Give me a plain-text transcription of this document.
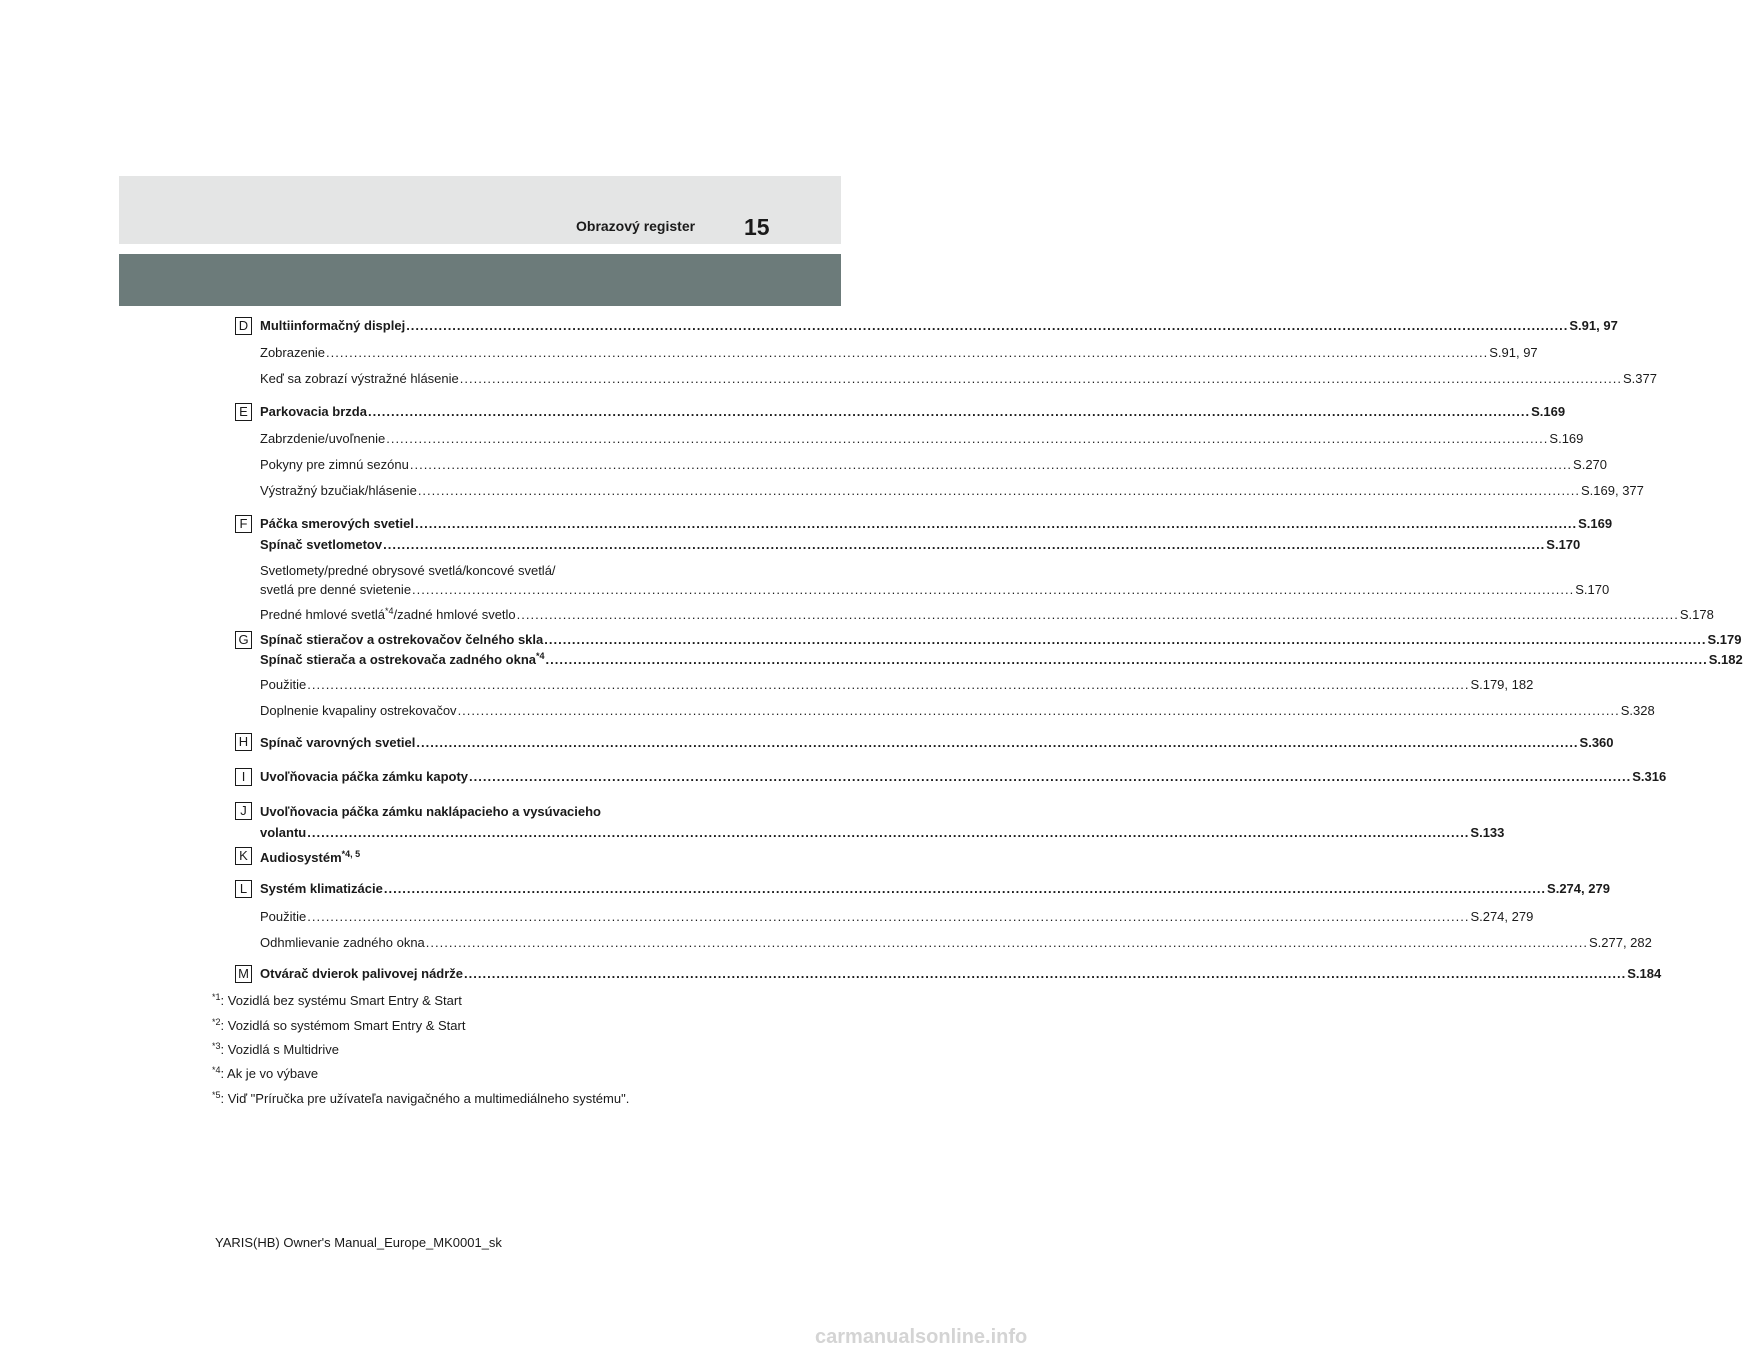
Obrazový register 15
D Multiinformačný displej .....	S.91, 97
Zobrazenie .....	S.91, 97
Keď sa zobrazí výstražné hlásenie .....	S.377
E Parkovacia brzda .....	S.169
Zabrzdenie/uvoľnenie .....	S.169
Pokyny pre zimnú sezónu .....	S.270
Výstražný bzučiak/hlásenie .....	S.169, 377
F Páčka smerových svetiel .....	S.169
Spínač svetlometov .....	S.170
Svetlomety/predné obrysové svetlá/koncové svetlá/
svetlá pre denné svietenie .....	S.170
Predné hmlové svetlá$^{*4}$/zadné hmlové svetlo .....	S.178
G Spínač stieračov a ostrekovačov čelného skla .....	S.179
Spínač stierača a ostrekovača zadného okna$^{*4}$ .....	S.182
Použitie .....	S.179, 182
Doplnenie kvapaliny ostrekovačov .....	S.328
H Spínač varovných svetiel .....	S.360
I	Uvoľňovacia páčka zámku kapoty .....	S.316
J	Uvoľňovacia páčka zámku naklápacieho a vysúvacieho
volantu .....	S.133
K Audiosystém$^{*4, 5}$
L Systém klimatizácie .....	S.274, 279
Použitie .....	S.274, 279
Odhmlievanie zadného okna .....	S.277, 282
M Otvárač dvierok palivovej nádrže .....	S.184
$^{*1}$: Vozidlá bez systému Smart Entry & Start
$^{*2}$: Vozidlá so systémom Smart Entry & Start
$^{*3}$: Vozidlá s Multidrive
$^{*4}$: Ak je vo výbave
$^{*5}$: Viď "Príručka pre užívateľa navigačného a multimediálneho systému".
YARIS(HB) Owner's Manual_Europe_MK0001_sk
carmanualsonline.info
